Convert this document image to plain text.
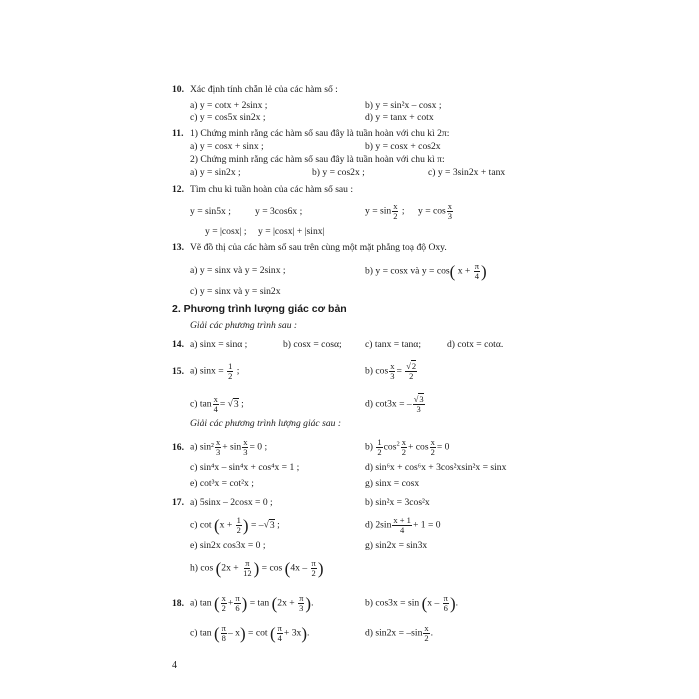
10. Xác định tính chẵn lẻ của các hàm số :
a) y = cotx + 2sinx ;	b) y = sin²x – cosx ;
c) y = cos5x sin2x ;	d) y = tanx + cotx
11. 1) Chứng minh rằng các hàm số sau đây là tuần hoàn với chu kì 2π:
a) y = cosx + sinx ;	b) y = cosx + cos2x
2) Chứng minh rằng các hàm số sau đây là tuần hoàn với chu kì π:
a) y = sin2x ;	b) y = cos2x ;	c) y = 3sin2x + tanx
12. Tìm chu kì tuần hoàn của các hàm số sau :
y = sin5x ;	y = 3cos6x ;	$y = \sin \frac{x}{2}$ ; $y = \cos \frac{x}{3}$
y = |cosx| ; y = |cosx| + |sinx|
13. Vẽ đồ thị của các hàm số sau trên cùng một mặt phẳng toạ độ Oxy.
a) y = sinx và y = 2sinx ;	b) y = cosx và y = cos( $x + \frac{\pi}{4}$ )
c) y = sinx và y = sin2x
2. Phương trình lượng giác cơ bản
Giải các phương trình sau :
14. a) sinx = sinα ;	b) cosx = cosα; c) tanx = tanα;	d) cotx = cotα.
15. a) $\sin x = \frac{1}{2}$ ;	b) $\cos \frac{x}{3} = \frac{√2}{2}$
c) $\tan \frac{x}{4} = √3$ ;	d) cot3x = – $\frac{√3}{3}$
Giải các phương trình lượng giác sau :
16. a) $\sin^2 \frac{x}{3} + \sin \frac{x}{3} = 0$ ;	$b) \frac{1}{2} \cos^2 \frac{x}{2} + \cos \frac{x}{2} = 0$
c) sin⁴x – sin⁴x + cos⁴x = 1 ;	d) sin⁶x + cos⁶x + 3cos²xsin²x = sinx
e) cot³x = cot²x ;	g) sinx = cosx
17. a) 5sinx – 2cosx = 0 ;	b) sin²x = 3cos²x
c) $\cot (x + \frac{1}{2}$ ) = –√3 ;	d) $2\sin \frac{x + 1}{4} + 1 = 0$
e) sin2x cos3x = 0 ;	g) sin2x = sin3x
h) $\cos (2x + \frac{\pi}{12}$ ) = $\cos (4x - \frac{\pi}{2}$ )
18. a) tan ( $\frac{x}{2} + \frac{\pi}{6}$ ) = $\tan (2x + \frac{\pi}{3}$ ).	b) $\cos 3x = \sin (x - \frac{\pi}{6}$ ).
c) tan ( $\frac{\pi}{8} - x) = \cot$ ( $\frac{\pi}{4} + 3x$).	d) $\sin 2x = -\sin \frac{x}{2}$ .
4
